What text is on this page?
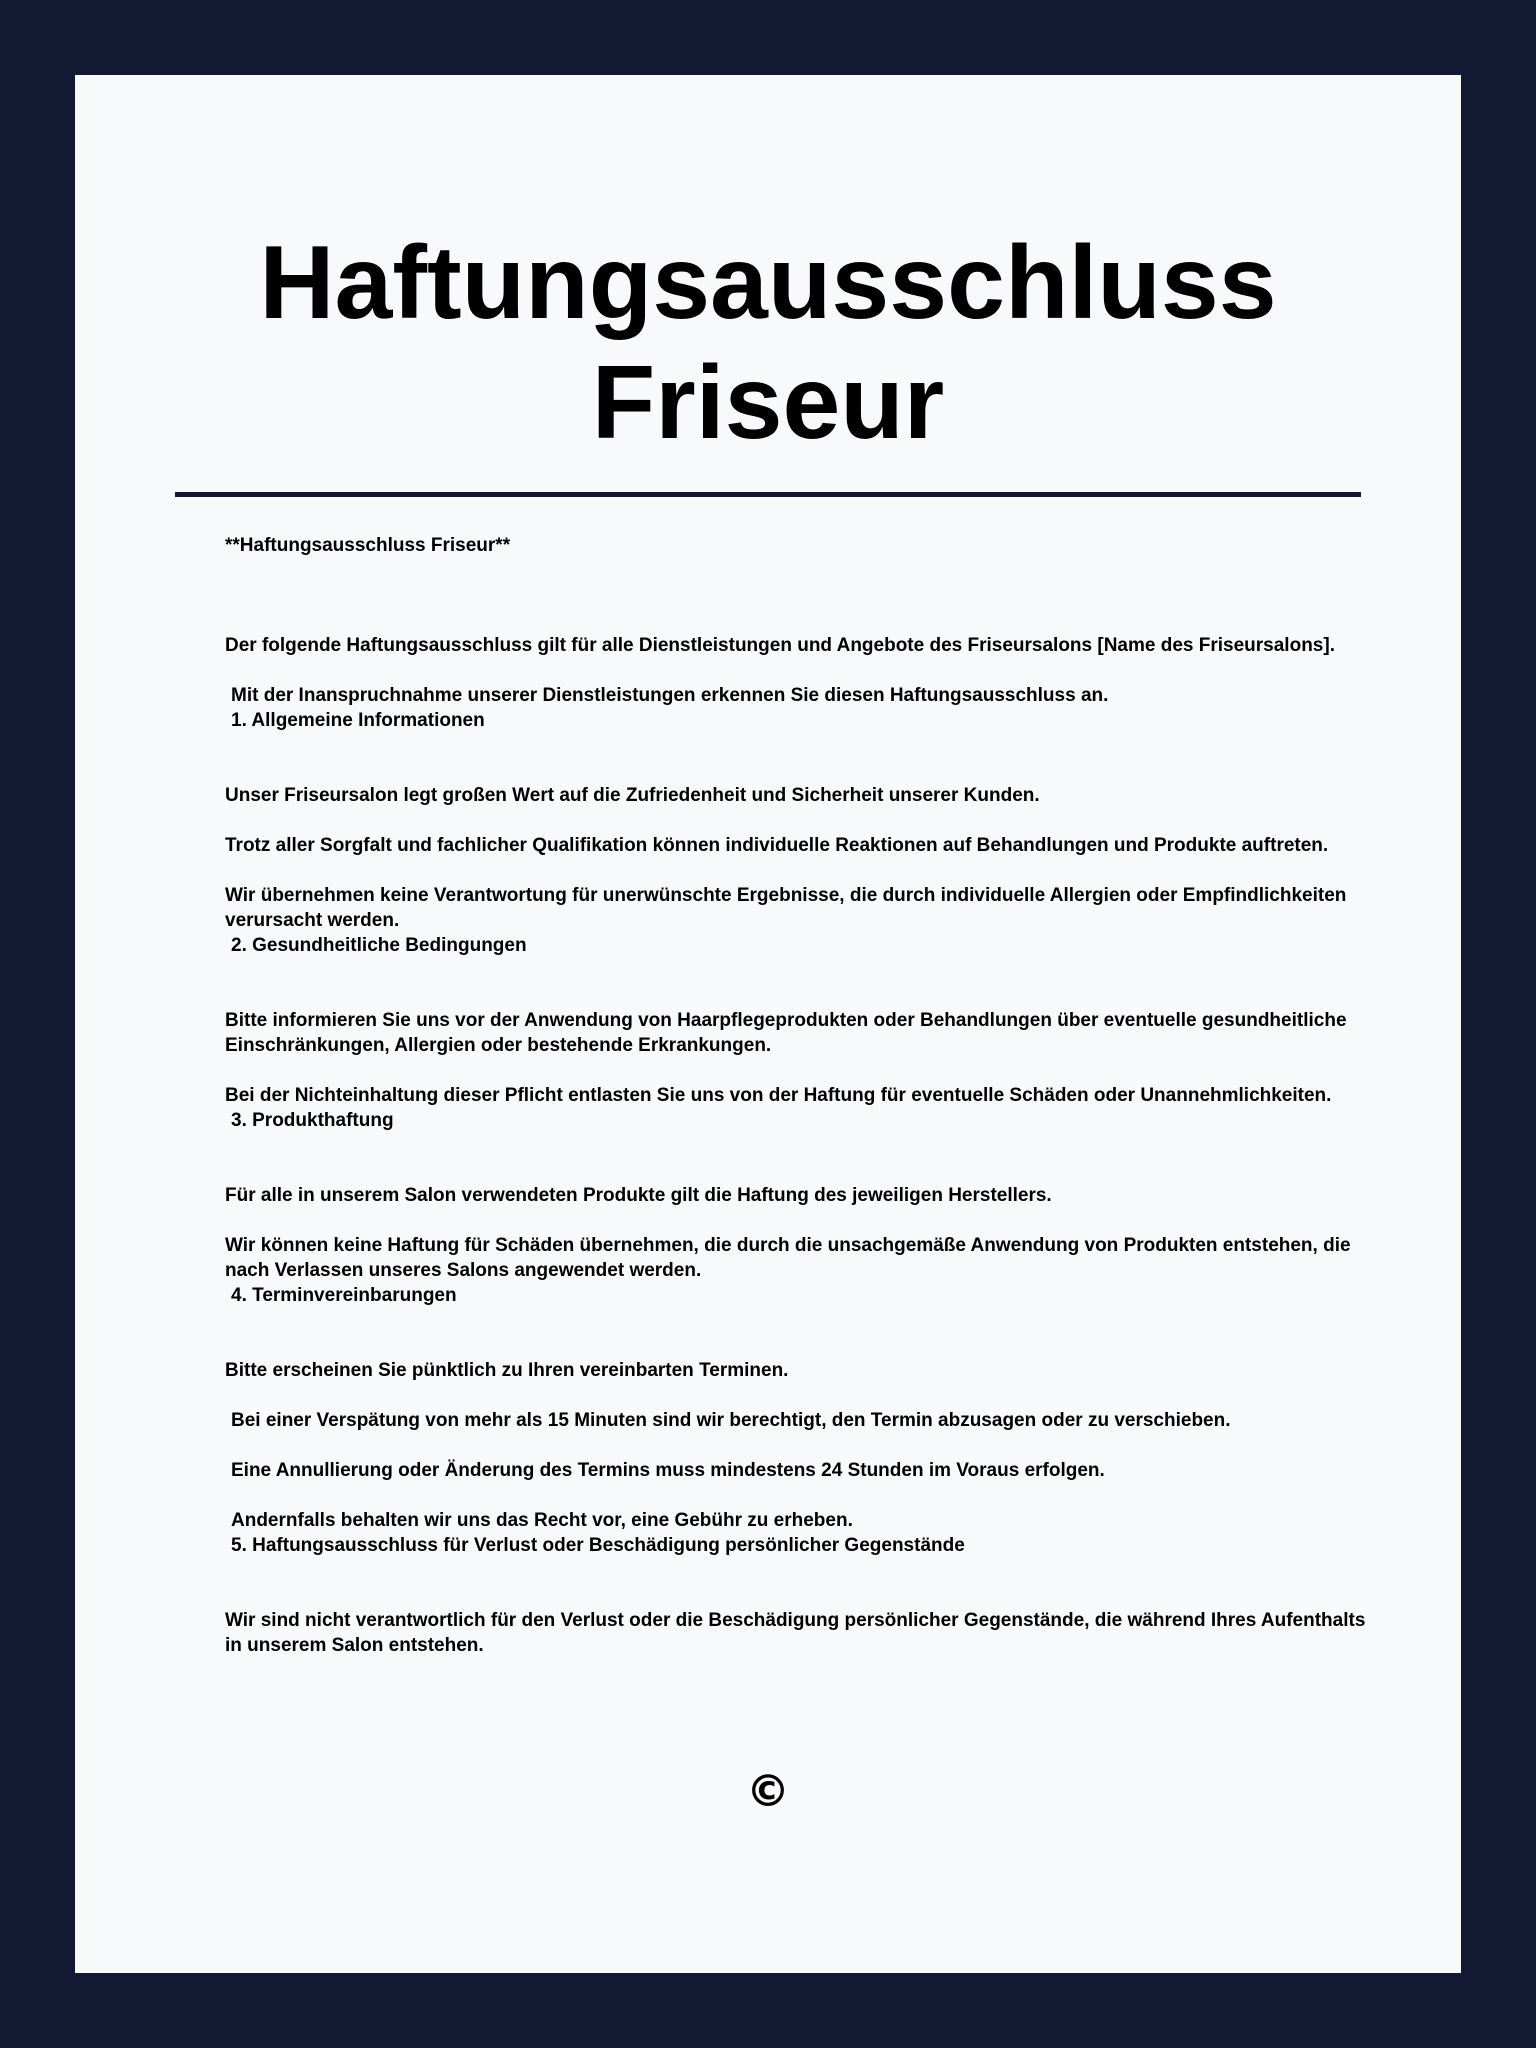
Haftungsausschluss
Friseur

**Haftungsausschluss Friseur**

Der folgende Haftungsausschluss gilt für alle Dienstleistungen und Angebote des Friseursalons [Name des Friseursalons].

Mit der Inanspruchnahme unserer Dienstleistungen erkennen Sie diesen Haftungsausschluss an.

1. Allgemeine Informationen

Unser Friseursalon legt großen Wert auf die Zufriedenheit und Sicherheit unserer Kunden.

Trotz aller Sorgfalt und fachlicher Qualifikation können individuelle Reaktionen auf Behandlungen und Produkte auftreten.

Wir übernehmen keine Verantwortung für unerwünschte Ergebnisse, die durch individuelle Allergien oder Empfindlichkeiten verursacht werden.

2. Gesundheitliche Bedingungen

Bitte informieren Sie uns vor der Anwendung von Haarpflegeprodukten oder Behandlungen über eventuelle gesundheitliche Einschränkungen, Allergien oder bestehende Erkrankungen.

Bei der Nichteinhaltung dieser Pflicht entlasten Sie uns von der Haftung für eventuelle Schäden oder Unannehmlichkeiten.

3. Produkthaftung

Für alle in unserem Salon verwendeten Produkte gilt die Haftung des jeweiligen Herstellers.

Wir können keine Haftung für Schäden übernehmen, die durch die unsachgemäße Anwendung von Produkten entstehen, die nach Verlassen unseres Salons angewendet werden.

4. Terminvereinbarungen

Bitte erscheinen Sie pünktlich zu Ihren vereinbarten Terminen.

Bei einer Verspätung von mehr als 15 Minuten sind wir berechtigt, den Termin abzusagen oder zu verschieben.

Eine Annullierung oder Änderung des Termins muss mindestens 24 Stunden im Voraus erfolgen.

Andernfalls behalten wir uns das Recht vor, eine Gebühr zu erheben.

5. Haftungsausschluss für Verlust oder Beschädigung persönlicher Gegenstände

Wir sind nicht verantwortlich für den Verlust oder die Beschädigung persönlicher Gegenstände, die während Ihres Aufenthalts in unserem Salon entstehen.

©
